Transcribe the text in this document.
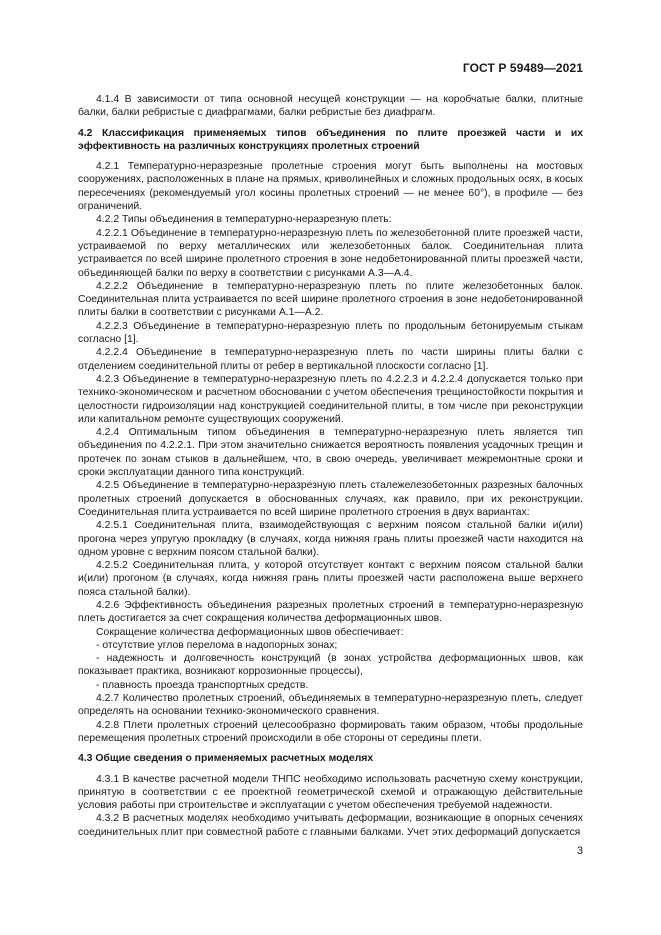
ГОСТ Р 59489—2021

4.1.4 В зависимости от типа основной несущей конструкции — на коробчатые балки, плитные балки, балки ребристые с диафрагмами, балки ребристые без диафрагм.

4.2 Классификация применяемых типов объединения по плите проезжей части и их эффективность на различных конструкциях пролетных строений

4.2.1 Температурно-неразрезные пролетные строения могут быть выполнены на мостовых сооружениях, расположенных в плане на прямых, криволинейных и сложных продольных осях, в косых пересечениях (рекомендуемый угол косины пролетных строений — не менее 60°), в профиле — без ограничений.

4.2.2 Типы объединения в температурно-неразрезную плеть:

4.2.2.1 Объединение в температурно-неразрезную плеть по железобетонной плите проезжей части, устраиваемой по верху металлических или железобетонных балок. Соединительная плита устраивается по всей ширине пролетного строения в зоне недобетонированной плиты проезжей части, объединяющей балки по верху в соответствии с рисунками А.3—А.4.

4.2.2.2 Объединение в температурно-неразрезную плеть по плите железобетонных балок. Соединительная плита устраивается по всей ширине пролетного строения в зоне недобетонированной плиты балки в соответствии с рисунками А.1—А.2.

4.2.2.3 Объединение в температурно-неразрезную плеть по продольным бетонируемым стыкам согласно [1].

4.2.2.4 Объединение в температурно-неразрезную плеть по части ширины плиты балки с отделением соединительной плиты от ребер в вертикальной плоскости согласно [1].

4.2.3 Объединение в температурно-неразрезную плеть по 4.2.2.3 и 4.2.2.4 допускается только при технико-экономическом и расчетном обосновании с учетом обеспечения трещиностойкости покрытия и целостности гидроизоляции над конструкцией соединительной плиты, в том числе при реконструкции или капитальном ремонте существующих сооружений.

4.2.4 Оптимальным типом объединения в температурно-неразрезную плеть является тип объединения по 4.2.2.1. При этом значительно снижается вероятность появления усадочных трещин и протечек по зонам стыков в дальнейшем, что, в свою очередь, увеличивает межремонтные сроки и сроки эксплуатации данного типа конструкций.

4.2.5 Объединение в температурно-неразрезную плеть сталежелезобетонных разрезных балочных пролетных строений допускается в обоснованных случаях, как правило, при их реконструкции. Соединительная плита устраивается по всей ширине пролетного строения в двух вариантах:

4.2.5.1 Соединительная плита, взаимодействующая с верхним поясом стальной балки и(или) прогона через упругую прокладку (в случаях, когда нижняя грань плиты проезжей части находится на одном уровне с верхним поясом стальной балки).

4.2.5.2 Соединительная плита, у которой отсутствует контакт с верхним поясом стальной балки и(или) прогоном (в случаях, когда нижняя грань плиты проезжей части расположена выше верхнего пояса стальной балки).

4.2.6 Эффективность объединения разрезных пролетных строений в температурно-неразрезную плеть достигается за счет сокращения количества деформационных швов.

Сокращение количества деформационных швов обеспечивает:

- отсутствие углов перелома в надопорных зонах;

- надежность и долговечность конструкций (в зонах устройства деформационных швов, как показывает практика, возникают коррозионные процессы),

- плавность проезда транспортных средств.

4.2.7 Количество пролетных строений, объединяемых в температурно-неразрезную плеть, следует определять на основании технико-экономического сравнения.

4.2.8 Плети пролетных строений целесообразно формировать таким образом, чтобы продольные перемещения пролетных строений происходили в обе стороны от середины плети.

4.3 Общие сведения о применяемых расчетных моделях

4.3.1 В качестве расчетной модели ТНПС необходимо использовать расчетную схему конструкции, принятую в соответствии с ее проектной геометрической схемой и отражающую действительные условия работы при строительстве и эксплуатации с учетом обеспечения требуемой надежности.

4.3.2 В расчетных моделях необходимо учитывать деформации, возникающие в опорных сечениях соединительных плит при совместной работе с главными балками. Учет этих деформаций допускается

3
